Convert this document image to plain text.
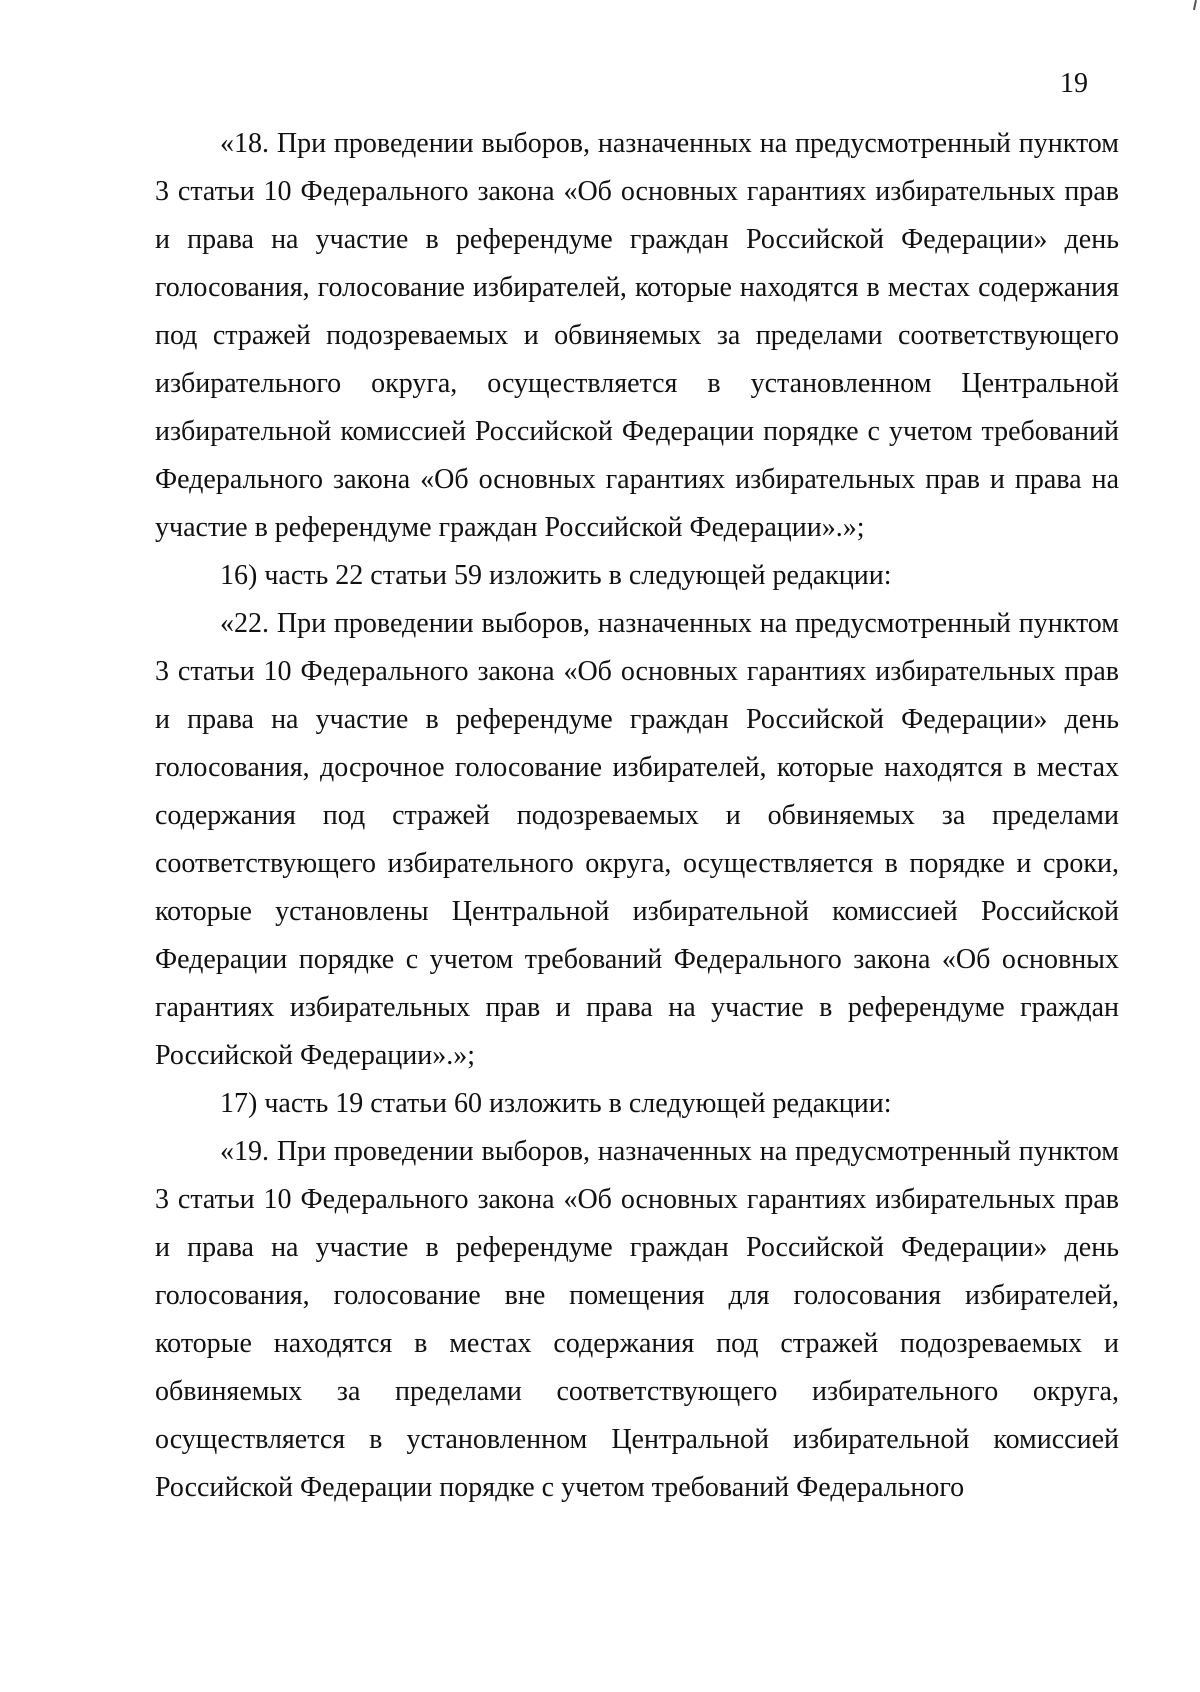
19

«18. При проведении выборов, назначенных на предусмотренный пунктом 3 статьи 10 Федерального закона «Об основных гарантиях избирательных прав и права на участие в референдуме граждан Российской Федерации» день голосования, голосование избирателей, которые находятся в местах содержания под стражей подозреваемых и обвиняемых за пределами соответствующего избирательного округа, осуществляется в установленном Центральной избирательной комиссией Российской Федерации порядке с учетом требований Федерального закона «Об основных гарантиях избирательных прав и права на участие в референдуме граждан Российской Федерации».»;

16) часть 22 статьи 59 изложить в следующей редакции:

«22. При проведении выборов, назначенных на предусмотренный пунктом 3 статьи 10 Федерального закона «Об основных гарантиях избирательных прав и права на участие в референдуме граждан Российской Федерации» день голосования, досрочное голосование избирателей, которые находятся в местах содержания под стражей подозреваемых и обвиняемых за пределами соответствующего избирательного округа, осуществляется в порядке и сроки, которые установлены Центральной избирательной комиссией Российской Федерации порядке с учетом требований Федерального закона «Об основных гарантиях избирательных прав и права на участие в референдуме граждан Российской Федерации».»;

17) часть 19 статьи 60 изложить в следующей редакции:

«19. При проведении выборов, назначенных на предусмотренный пунктом 3 статьи 10 Федерального закона «Об основных гарантиях избирательных прав и права на участие в референдуме граждан Российской Федерации» день голосования, голосование вне помещения для голосования избирателей, которые находятся в местах содержания под стражей подозреваемых и обвиняемых за пределами соответствующего избирательного округа, осуществляется в установленном Центральной избирательной комиссией Российской Федерации порядке с учетом требований Федерального
